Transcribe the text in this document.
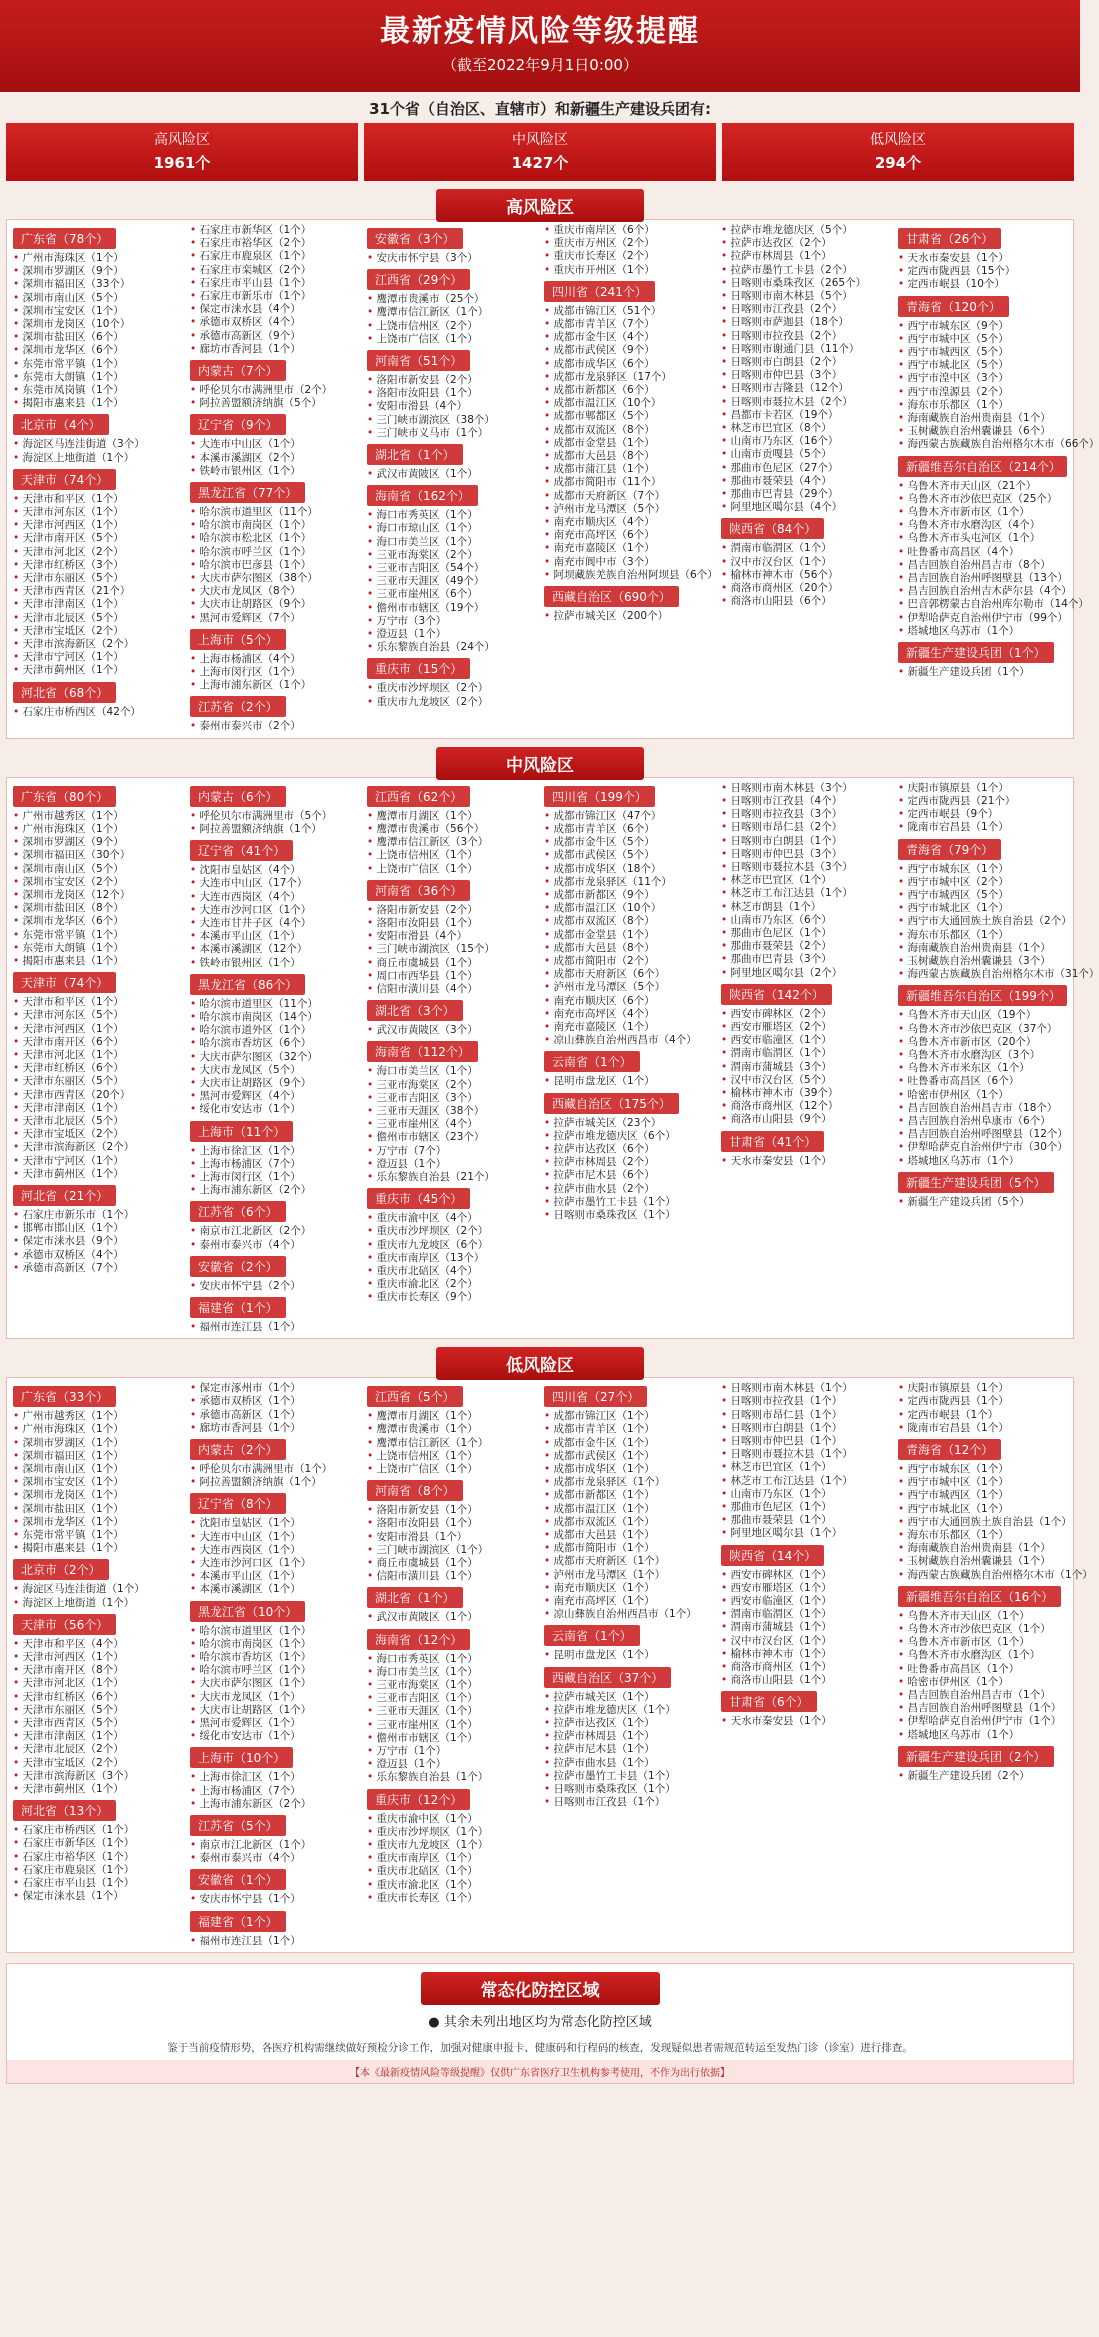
最新疫情风险等级提醒
（截至2022年9月1日0:00）
31个省（自治区、直辖市）和新疆生产建设兵团有:
高风险区
1961个
中风险区
1427个
低风险区
294个
高风险区
广东省（78个）

• 广州市海珠区（1个）
• 深圳市罗湖区（9个）
• 深圳市福田区（33个）
• 深圳市南山区（5个）
• 深圳市宝安区（1个）
• 深圳市龙岗区（10个）
• 深圳市盐田区（6个）
• 深圳市龙华区（6个）
• 东莞市常平镇（1个）
• 东莞市大朗镇（1个）
• 东莞市凤岗镇（1个）
• 揭阳市惠来县（1个）
北京市（4个）

• 海淀区马连洼街道（3个）
• 海淀区上地街道（1个）
天津市（74个）

• 天津市和平区（1个）
• 天津市河东区（1个）
• 天津市河西区（1个）
• 天津市南开区（5个）
• 天津市河北区（2个）
• 天津市红桥区（3个）
• 天津市东丽区（5个）
• 天津市西青区（21个）
• 天津市津南区（1个）
• 天津市北辰区（5个）
• 天津市宝坻区（2个）
• 天津市滨海新区（2个）
• 天津市宁河区（1个）
• 天津市蓟州区（1个）
河北省（68个）

• 石家庄市桥西区（42个）
• 石家庄市新华区（1个）
• 石家庄市裕华区（2个）
• 石家庄市鹿泉区（1个）
• 石家庄市栾城区（2个）
• 石家庄市平山县（1个）
• 石家庄市新乐市（1个）
• 保定市涞水县（4个）
• 承德市双桥区（4个）
• 承德市高新区（9个）
• 廊坊市香河县（1个）
内蒙古（7个）

• 呼伦贝尔市满洲里市（2个）
• 阿拉善盟额济纳旗（5个）
辽宁省（9个）

• 大连市中山区（1个）
• 本溪市溪湖区（2个）
• 铁岭市银州区（1个）
黑龙江省（77个）

• 哈尔滨市道里区（11个）
• 哈尔滨市南岗区（1个）
• 哈尔滨市松北区（1个）
• 哈尔滨市呼兰区（1个）
• 哈尔滨市巴彦县（1个）
• 大庆市萨尔图区（38个）
• 大庆市龙凤区（8个）
• 大庆市让胡路区（9个）
• 黑河市爱辉区（7个）
上海市（5个）

• 上海市杨浦区（4个）
• 上海市闵行区（1个）
• 上海市浦东新区（1个）
江苏省（2个）

• 泰州市泰兴市（2个）
安徽省（3个）

• 安庆市怀宁县（3个）
江西省（29个）

• 鹰潭市贵溪市（25个）
• 鹰潭市信江新区（1个）
• 上饶市信州区（2个）
• 上饶市广信区（1个）
河南省（51个）

• 洛阳市新安县（2个）
• 洛阳市汝阳县（1个）
• 安阳市滑县（4个）
• 三门峡市湖滨区（38个）
• 三门峡市义马市（1个）
湖北省（1个）

• 武汉市黄陂区（1个）
海南省（162个）

• 海口市秀英区（1个）
• 海口市琼山区（1个）
• 海口市美兰区（1个）
• 三亚市海棠区（2个）
• 三亚市吉阳区（54个）
• 三亚市天涯区（49个）
• 三亚市崖州区（6个）
• 儋州市市辖区（19个）
• 万宁市（3个）
• 澄迈县（1个）
• 乐东黎族自治县（24个）
重庆市（15个）

• 重庆市沙坪坝区（2个）
• 重庆市九龙坡区（2个）
• 重庆市南岸区（6个）
• 重庆市万州区（2个）
• 重庆市长寿区（2个）
• 重庆市开州区（1个）
四川省（241个）

• 成都市锦江区（51个）
• 成都市青羊区（7个）
• 成都市金牛区（4个）
• 成都市武侯区（9个）
• 成都市成华区（6个）
• 成都市龙泉驿区（17个）
• 成都市新都区（6个）
• 成都市温江区（10个）
• 成都市郫都区（5个）
• 成都市双流区（8个）
• 成都市金堂县（1个）
• 成都市大邑县（8个）
• 成都市蒲江县（1个）
• 成都市简阳市（11个）
• 成都市天府新区（7个）
• 泸州市龙马潭区（5个）
• 南充市顺庆区（4个）
• 南充市高坪区（6个）
• 南充市嘉陵区（1个）
• 南充市阆中市（3个）
• 阿坝藏族羌族自治州阿坝县（6个）
西藏自治区（690个）

• 拉萨市城关区（200个）
• 拉萨市堆龙德庆区（5个）
• 拉萨市达孜区（2个）
• 拉萨市林周县（1个）
• 拉萨市墨竹工卡县（2个）
• 日喀则市桑珠孜区（265个）
• 日喀则市南木林县（5个）
• 日喀则市江孜县（2个）
• 日喀则市萨迦县（18个）
• 日喀则市拉孜县（2个）
• 日喀则市谢通门县（11个）
• 日喀则市白朗县（2个）
• 日喀则市仲巴县（3个）
• 日喀则市吉隆县（12个）
• 日喀则市聂拉木县（2个）
• 昌都市卡若区（19个）
• 林芝市巴宜区（8个）
• 山南市乃东区（16个）
• 山南市贡嘎县（5个）
• 那曲市色尼区（27个）
• 那曲市聂荣县（4个）
• 那曲市巴青县（29个）
• 阿里地区噶尔县（4个）
陕西省（84个）

• 渭南市临渭区（1个）
• 汉中市汉台区（1个）
• 榆林市神木市（56个）
• 商洛市商州区（20个）
• 商洛市山阳县（6个）
甘肃省（26个）

• 天水市秦安县（1个）
• 定西市陇西县（15个）
• 定西市岷县（10个）
青海省（120个）

• 西宁市城东区（9个）
• 西宁市城中区（5个）
• 西宁市城西区（5个）
• 西宁市城北区（5个）
• 西宁市湟中区（3个）
• 西宁市湟源县（2个）
• 海东市乐都区（1个）
• 海南藏族自治州贵南县（1个）
• 玉树藏族自治州囊谦县（6个）
• 海西蒙古族藏族自治州格尔木市（66个）
新疆维吾尔自治区（214个）

• 乌鲁木齐市天山区（21个）
• 乌鲁木齐市沙依巴克区（25个）
• 乌鲁木齐市新市区（1个）
• 乌鲁木齐市水磨沟区（4个）
• 乌鲁木齐市头屯河区（1个）
• 吐鲁番市高昌区（4个）
• 昌吉回族自治州昌吉市（8个）
• 昌吉回族自治州呼图壁县（13个）
• 昌吉回族自治州吉木萨尔县（4个）
• 巴音郭楞蒙古自治州库尔勒市（14个）
• 伊犁哈萨克自治州伊宁市（99个）
• 塔城地区乌苏市（1个）
新疆生产建设兵团（1个）

• 新疆生产建设兵团（1个）
中风险区
广东省（80个）

• 广州市越秀区（1个）
• 广州市海珠区（1个）
• 深圳市罗湖区（9个）
• 深圳市福田区（30个）
• 深圳市南山区（5个）
• 深圳市宝安区（2个）
• 深圳市龙岗区（12个）
• 深圳市盐田区（8个）
• 深圳市龙华区（6个）
• 东莞市常平镇（1个）
• 东莞市大朗镇（1个）
• 揭阳市惠来县（1个）
天津市（74个）

• 天津市和平区（1个）
• 天津市河东区（5个）
• 天津市河西区（1个）
• 天津市南开区（6个）
• 天津市河北区（1个）
• 天津市红桥区（6个）
• 天津市东丽区（5个）
• 天津市西青区（20个）
• 天津市津南区（1个）
• 天津市北辰区（5个）
• 天津市宝坻区（2个）
• 天津市滨海新区（2个）
• 天津市宁河区（1个）
• 天津市蓟州区（1个）
河北省（21个）

• 石家庄市新乐市（1个）
• 邯郸市邯山区（1个）
• 保定市涞水县（9个）
• 承德市双桥区（4个）
• 承德市高新区（7个）
内蒙古（6个）

• 呼伦贝尔市满洲里市（5个）
• 阿拉善盟额济纳旗（1个）
辽宁省（41个）

• 沈阳市皇姑区（4个）
• 大连市中山区（17个）
• 大连市西岗区（4个）
• 大连市沙河口区（1个）
• 大连市甘井子区（4个）
• 本溪市平山区（1个）
• 本溪市溪湖区（12个）
• 铁岭市银州区（1个）
黑龙江省（86个）

• 哈尔滨市道里区（11个）
• 哈尔滨市南岗区（14个）
• 哈尔滨市道外区（1个）
• 哈尔滨市香坊区（6个）
• 大庆市萨尔图区（32个）
• 大庆市龙凤区（5个）
• 大庆市让胡路区（9个）
• 黑河市爱辉区（4个）
• 绥化市安达市（1个）
上海市（11个）

• 上海市徐汇区（1个）
• 上海市杨浦区（7个）
• 上海市闵行区（1个）
• 上海市浦东新区（2个）
江苏省（6个）

• 南京市江北新区（2个）
• 泰州市泰兴市（4个）
安徽省（2个）

• 安庆市怀宁县（2个）
福建省（1个）

• 福州市连江县（1个）
江西省（62个）

• 鹰潭市月湖区（1个）
• 鹰潭市贵溪市（56个）
• 鹰潭市信江新区（3个）
• 上饶市信州区（1个）
• 上饶市广信区（1个）
河南省（36个）

• 洛阳市新安县（2个）
• 洛阳市汝阳县（1个）
• 安阳市滑县（4个）
• 三门峡市湖滨区（15个）
• 商丘市虞城县（1个）
• 周口市西华县（1个）
• 信阳市潢川县（4个）
湖北省（3个）

• 武汉市黄陂区（3个）
海南省（112个）

• 海口市美兰区（1个）
• 三亚市海棠区（2个）
• 三亚市吉阳区（3个）
• 三亚市天涯区（38个）
• 三亚市崖州区（4个）
• 儋州市市辖区（23个）
• 万宁市（7个）
• 澄迈县（1个）
• 乐东黎族自治县（21个）
重庆市（45个）

• 重庆市渝中区（4个）
• 重庆市沙坪坝区（2个）
• 重庆市九龙坡区（6个）
• 重庆市南岸区（13个）
• 重庆市北碚区（4个）
• 重庆市渝北区（2个）
• 重庆市长寿区（9个）
四川省（199个）

• 成都市锦江区（47个）
• 成都市青羊区（6个）
• 成都市金牛区（5个）
• 成都市武侯区（5个）
• 成都市成华区（18个）
• 成都市龙泉驿区（11个）
• 成都市新都区（9个）
• 成都市温江区（10个）
• 成都市双流区（8个）
• 成都市金堂县（1个）
• 成都市大邑县（8个）
• 成都市简阳市（2个）
• 成都市天府新区（6个）
• 泸州市龙马潭区（5个）
• 南充市顺庆区（6个）
• 南充市高坪区（4个）
• 南充市嘉陵区（1个）
• 凉山彝族自治州西昌市（4个）
云南省（1个）

• 昆明市盘龙区（1个）
西藏自治区（175个）

• 拉萨市城关区（23个）
• 拉萨市堆龙德庆区（6个）
• 拉萨市达孜区（6个）
• 拉萨市林周县（2个）
• 拉萨市尼木县（6个）
• 拉萨市曲水县（2个）
• 拉萨市墨竹工卡县（1个）
• 日喀则市桑珠孜区（1个）
• 日喀则市南木林县（3个）
• 日喀则市江孜县（4个）
• 日喀则市拉孜县（3个）
• 日喀则市昂仁县（2个）
• 日喀则市白朗县（1个）
• 日喀则市仲巴县（3个）
• 日喀则市聂拉木县（3个）
• 林芝市巴宜区（1个）
• 林芝市工布江达县（1个）
• 林芝市朗县（1个）
• 山南市乃东区（6个）
• 那曲市色尼区（1个）
• 那曲市聂荣县（2个）
• 那曲市巴青县（3个）
• 阿里地区噶尔县（2个）
陕西省（142个）

• 西安市碑林区（2个）
• 西安市雁塔区（2个）
• 西安市临潼区（1个）
• 渭南市临渭区（1个）
• 渭南市蒲城县（3个）
• 汉中市汉台区（5个）
• 榆林市神木市（39个）
• 商洛市商州区（12个）
• 商洛市山阳县（9个）
甘肃省（41个）

• 天水市秦安县（1个）
• 庆阳市镇原县（1个）
• 定西市陇西县（21个）
• 定西市岷县（9个）
• 陇南市宕昌县（1个）
青海省（79个）

• 西宁市城东区（1个）
• 西宁市城中区（2个）
• 西宁市城西区（5个）
• 西宁市城北区（1个）
• 西宁市大通回族土族自治县（2个）
• 海东市乐都区（1个）
• 海南藏族自治州贵南县（1个）
• 玉树藏族自治州囊谦县（3个）
• 海西蒙古族藏族自治州格尔木市（31个）
新疆维吾尔自治区（199个）

• 乌鲁木齐市天山区（19个）
• 乌鲁木齐市沙依巴克区（37个）
• 乌鲁木齐市新市区（20个）
• 乌鲁木齐市水磨沟区（3个）
• 乌鲁木齐市米东区（1个）
• 吐鲁番市高昌区（6个）
• 哈密市伊州区（1个）
• 昌吉回族自治州昌吉市（18个）
• 昌吉回族自治州阜康市（6个）
• 昌吉回族自治州呼图壁县（12个）
• 伊犁哈萨克自治州伊宁市（30个）
• 塔城地区乌苏市（1个）
新疆生产建设兵团（5个）

• 新疆生产建设兵团（5个）
低风险区
广东省（33个）

• 广州市越秀区（1个）
• 广州市海珠区（1个）
• 深圳市罗湖区（1个）
• 深圳市福田区（1个）
• 深圳市南山区（1个）
• 深圳市宝安区（1个）
• 深圳市龙岗区（1个）
• 深圳市盐田区（1个）
• 深圳市龙华区（1个）
• 东莞市常平镇（1个）
• 揭阳市惠来县（1个）
北京市（2个）

• 海淀区马连洼街道（1个）
• 海淀区上地街道（1个）
天津市（56个）

• 天津市和平区（4个）
• 天津市河西区（1个）
• 天津市南开区（8个）
• 天津市河北区（1个）
• 天津市红桥区（6个）
• 天津市东丽区（5个）
• 天津市西青区（5个）
• 天津市津南区（1个）
• 天津市北辰区（2个）
• 天津市宝坻区（2个）
• 天津市滨海新区（3个）
• 天津市蓟州区（1个）
河北省（13个）

• 石家庄市桥西区（1个）
• 石家庄市新华区（1个）
• 石家庄市裕华区（1个）
• 石家庄市鹿泉区（1个）
• 石家庄市平山县（1个）
• 保定市涞水县（1个）
• 保定市涿州市（1个）
• 承德市双桥区（1个）
• 承德市高新区（1个）
• 廊坊市香河县（1个）
内蒙古（2个）

• 呼伦贝尔市满洲里市（1个）
• 阿拉善盟额济纳旗（1个）
辽宁省（8个）

• 沈阳市皇姑区（1个）
• 大连市中山区（1个）
• 大连市西岗区（1个）
• 大连市沙河口区（1个）
• 本溪市平山区（1个）
• 本溪市溪湖区（1个）
黑龙江省（10个）

• 哈尔滨市道里区（1个）
• 哈尔滨市南岗区（1个）
• 哈尔滨市香坊区（1个）
• 哈尔滨市呼兰区（1个）
• 大庆市萨尔图区（1个）
• 大庆市龙凤区（1个）
• 大庆市让胡路区（1个）
• 黑河市爱辉区（1个）
• 绥化市安达市（1个）
上海市（10个）

• 上海市徐汇区（1个）
• 上海市杨浦区（7个）
• 上海市浦东新区（2个）
江苏省（5个）

• 南京市江北新区（1个）
• 泰州市泰兴市（4个）
安徽省（1个）

• 安庆市怀宁县（1个）
福建省（1个）

• 福州市连江县（1个）
江西省（5个）

• 鹰潭市月湖区（1个）
• 鹰潭市贵溪市（1个）
• 鹰潭市信江新区（1个）
• 上饶市信州区（1个）
• 上饶市广信区（1个）
河南省（8个）

• 洛阳市新安县（1个）
• 洛阳市汝阳县（1个）
• 安阳市滑县（1个）
• 三门峡市湖滨区（1个）
• 商丘市虞城县（1个）
• 信阳市潢川县（1个）
湖北省（1个）

• 武汉市黄陂区（1个）
海南省（12个）

• 海口市秀英区（1个）
• 海口市美兰区（1个）
• 三亚市海棠区（1个）
• 三亚市吉阳区（1个）
• 三亚市天涯区（1个）
• 三亚市崖州区（1个）
• 儋州市市辖区（1个）
• 万宁市（1个）
• 澄迈县（1个）
• 乐东黎族自治县（1个）
重庆市（12个）

• 重庆市渝中区（1个）
• 重庆市沙坪坝区（1个）
• 重庆市九龙坡区（1个）
• 重庆市南岸区（1个）
• 重庆市北碚区（1个）
• 重庆市渝北区（1个）
• 重庆市长寿区（1个）
四川省（27个）

• 成都市锦江区（1个）
• 成都市青羊区（1个）
• 成都市金牛区（1个）
• 成都市武侯区（1个）
• 成都市成华区（1个）
• 成都市龙泉驿区（1个）
• 成都市新都区（1个）
• 成都市温江区（1个）
• 成都市双流区（1个）
• 成都市大邑县（1个）
• 成都市简阳市（1个）
• 成都市天府新区（1个）
• 泸州市龙马潭区（1个）
• 南充市顺庆区（1个）
• 南充市高坪区（1个）
• 凉山彝族自治州西昌市（1个）
云南省（1个）

• 昆明市盘龙区（1个）
西藏自治区（37个）

• 拉萨市城关区（1个）
• 拉萨市堆龙德庆区（1个）
• 拉萨市达孜区（1个）
• 拉萨市林周县（1个）
• 拉萨市尼木县（1个）
• 拉萨市曲水县（1个）
• 拉萨市墨竹工卡县（1个）
• 日喀则市桑珠孜区（1个）
• 日喀则市江孜县（1个）
• 日喀则市南木林县（1个）
• 日喀则市拉孜县（1个）
• 日喀则市昂仁县（1个）
• 日喀则市白朗县（1个）
• 日喀则市仲巴县（1个）
• 日喀则市聂拉木县（1个）
• 林芝市巴宜区（1个）
• 林芝市工布江达县（1个）
• 山南市乃东区（1个）
• 那曲市色尼区（1个）
• 那曲市聂荣县（1个）
• 阿里地区噶尔县（1个）
陕西省（14个）

• 西安市碑林区（1个）
• 西安市雁塔区（1个）
• 西安市临潼区（1个）
• 渭南市临渭区（1个）
• 渭南市蒲城县（1个）
• 汉中市汉台区（1个）
• 榆林市神木市（1个）
• 商洛市商州区（1个）
• 商洛市山阳县（1个）
甘肃省（6个）

• 天水市秦安县（1个）
• 庆阳市镇原县（1个）
• 定西市陇西县（1个）
• 定西市岷县（1个）
• 陇南市宕昌县（1个）
青海省（12个）

• 西宁市城东区（1个）
• 西宁市城中区（1个）
• 西宁市城西区（1个）
• 西宁市城北区（1个）
• 西宁市大通回族土族自治县（1个）
• 海东市乐都区（1个）
• 海南藏族自治州贵南县（1个）
• 玉树藏族自治州囊谦县（1个）
• 海西蒙古族藏族自治州格尔木市（1个）
新疆维吾尔自治区（16个）

• 乌鲁木齐市天山区（1个）
• 乌鲁木齐市沙依巴克区（1个）
• 乌鲁木齐市新市区（1个）
• 乌鲁木齐市水磨沟区（1个）
• 吐鲁番市高昌区（1个）
• 哈密市伊州区（1个）
• 昌吉回族自治州昌吉市（1个）
• 昌吉回族自治州呼图壁县（1个）
• 伊犁哈萨克自治州伊宁市（1个）
• 塔城地区乌苏市（1个）
新疆生产建设兵团（2个）

• 新疆生产建设兵团（2个）
常态化防控区域
● 其余未列出地区均为常态化防控区域
鉴于当前疫情形势，各医疗机构需继续做好预检分诊工作，加强对健康申报卡、健康码和行程码的核查，发现疑似患者需规范转运至发热门诊（诊室）进行排查。
【本《最新疫情风险等级提醒》仅供广东省医疗卫生机构参考使用，不作为出行依据】
